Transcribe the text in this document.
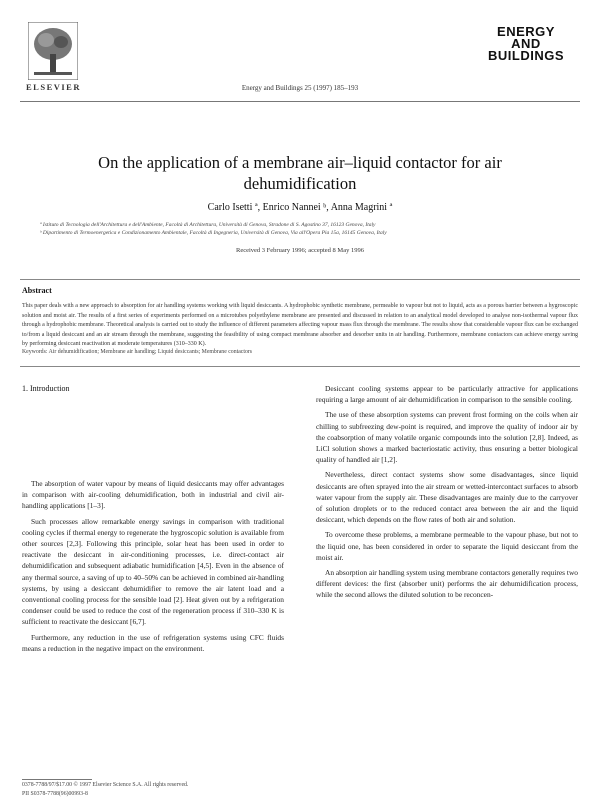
ELSEVIER	Energy and Buildings 25 (1997) 185–193
ENERGY
AND
BUILDINGS
On the application of a membrane air–liquid contactor for air dehumidification
Carlo Isetti ª, Enrico Nannei ᵇ, Anna Magrini ª
ª Istituto di Tecnologia dell'Architettura e dell'Ambiente, Facoltà di Architettura, Università di Genova, Stradone di S. Agostino 37, 16123 Genova, Italy
ᵇ Dipartimento di Termoenergetica e Condizionamento Ambientale, Facoltà di Ingegneria, Università di Genova, Via all'Opera Pia 15a, 16145 Genova, Italy
Received 3 February 1996; accepted 8 May 1996
Abstract
This paper deals with a new approach to absorption for air handling systems working with liquid desiccants. A hydrophobic synthetic membrane, permeable to vapour but not to liquid, acts as a porous barrier between a hygroscopic solution and moist air. The results of a first series of experiments performed on a microtubes polyethylene membrane are presented and discussed in relation to an analytical model developed to analyse non-isothermal vapour flux through a hydrophobic membrane. Theoretical analysis is carried out to study the influence of different parameters affecting vapour mass flux through the membrane. The results show that considerable vapour flux can be exchanged to/from a liquid desiccant and an air stream through the membrane, suggesting the feasibility of using compact membrane absorber and desorber units in air handling. Furthermore, membrane contactors can achieve energy saving by performing desiccant reactivation at moderate temperatures (310–330 K).
Keywords: Air dehumidification; Membrane air handling; Liquid desiccants; Membrane contactors
1. Introduction

The absorption of water vapour by means of liquid desiccants may offer advantages in comparison with air-cooling dehumidification, both in industrial and civil air-handling applications [1–3].

Such processes allow remarkable energy savings in comparison with traditional cooling cycles if thermal energy to regenerate the hygroscopic solution is available from other sources [2,3]. Following this principle, solar heat has been used in order to reactivate the desiccant in air-conditioning processes, i.e. direct-contact air dehumidification and subsequent adiabatic humidification [4,5]. Even in the absence of any thermal source, a saving of up to 40–50% can be achieved in combined air-handling systems, by using a desiccant dehumidifier to remove the air latent load and a conventional cooling process for the sensible load [2]. Heat given out by a refrigeration condenser could be used to reduce the cost of the regeneration process if 310–330 K is sufficient to reactivate the desiccant [6,7].

Furthermore, any reduction in the use of refrigeration systems using CFC fluids means a reduction in the negative impact on the environment.

Desiccant cooling systems appear to be particularly attractive for applications requiring a large amount of air dehumidification in comparison to the sensible cooling.

The use of these absorption systems can prevent frost forming on the coils when air chilling to subfreezing dew-point is required, and improve the quality of indoor air by the coabsorption of many volatile organic compounds into the solution [2,8]. Indeed, as LiCl solution shows a marked bacteriostatic activity, thus ensuring a better biological quality of handled air [1,2].

Nevertheless, direct contact systems show some disadvantages, since liquid desiccants are often sprayed into the air stream or wetted-intercontact surfaces to absorb water vapour from the supply air. These disadvantages are mainly due to the carryover of solution droplets or to the reduced contact area between the air and the liquid desiccant, which depends on the flow rates of both air and solution.

To overcome these problems, a membrane permeable to the vapour phase, but not to the liquid one, has been considered in order to separate the liquid desiccant from the moist air.

An absorption air handling system using membrane contactors generally requires two different devices: the first (absorber unit) performs the air dehumidification process, while the second allows the diluted solution to be reconcen-

0378-7788/97/$17.00 © 1997 Elsevier Science S.A. All rights reserved.
PII S0378-7788(96)00993-8
